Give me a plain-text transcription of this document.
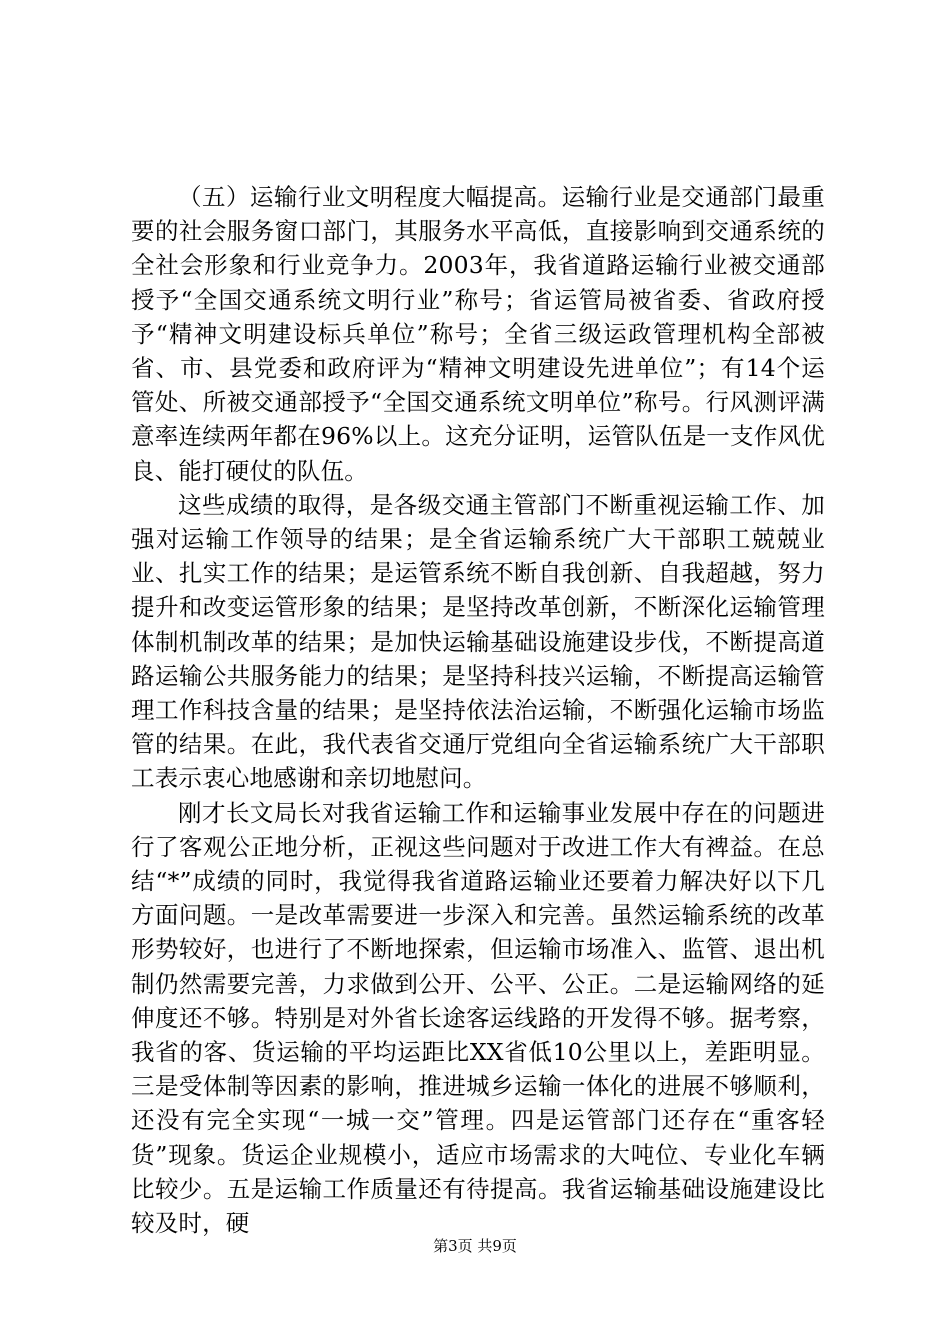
（五）运输行业文明程度大幅提高。运输行业是交通部门最重要的社会服务窗口部门，其服务水平高低，直接影响到交通系统的全社会形象和行业竞争力。2003年，我省道路运输行业被交通部授予“全国交通系统文明行业”称号；省运管局被省委、省政府授予“精神文明建设标兵单位”称号；全省三级运政管理机构全部被省、市、县党委和政府评为“精神文明建设先进单位”；有14个运管处、所被交通部授予“全国交通系统文明单位”称号。行风测评满意率连续两年都在96%以上。这充分证明，运管队伍是一支作风优良、能打硬仗的队伍。

这些成绩的取得，是各级交通主管部门不断重视运输工作、加强对运输工作领导的结果；是全省运输系统广大干部职工兢兢业业、扎实工作的结果；是运管系统不断自我创新、自我超越，努力提升和改变运管形象的结果；是坚持改革创新，不断深化运输管理体制机制改革的结果；是加快运输基础设施建设步伐，不断提高道路运输公共服务能力的结果；是坚持科技兴运输，不断提高运输管理工作科技含量的结果；是坚持依法治运输，不断强化运输市场监管的结果。在此，我代表省交通厅党组向全省运输系统广大干部职工表示衷心地感谢和亲切地慰问。

刚才长文局长对我省运输工作和运输事业发展中存在的问题进行了客观公正地分析，正视这些问题对于改进工作大有裨益。在总结“*”成绩的同时，我觉得我省道路运输业还要着力解决好以下几方面问题。一是改革需要进一步深入和完善。虽然运输系统的改革形势较好，也进行了不断地探索，但运输市场准入、监管、退出机制仍然需要完善，力求做到公开、公平、公正。二是运输网络的延伸度还不够。特别是对外省长途客运线路的开发得不够。据考察，我省的客、货运输的平均运距比XX省低10公里以上，差距明显。三是受体制等因素的影响，推进城乡运输一体化的进展不够顺利，还没有完全实现“一城一交”管理。四是运管部门还存在“重客轻货”现象。货运企业规模小，适应市场需求的大吨位、专业化车辆比较少。五是运输工作质量还有待提高。我省运输基础设施建设比较及时，硬

第3页 共9页
